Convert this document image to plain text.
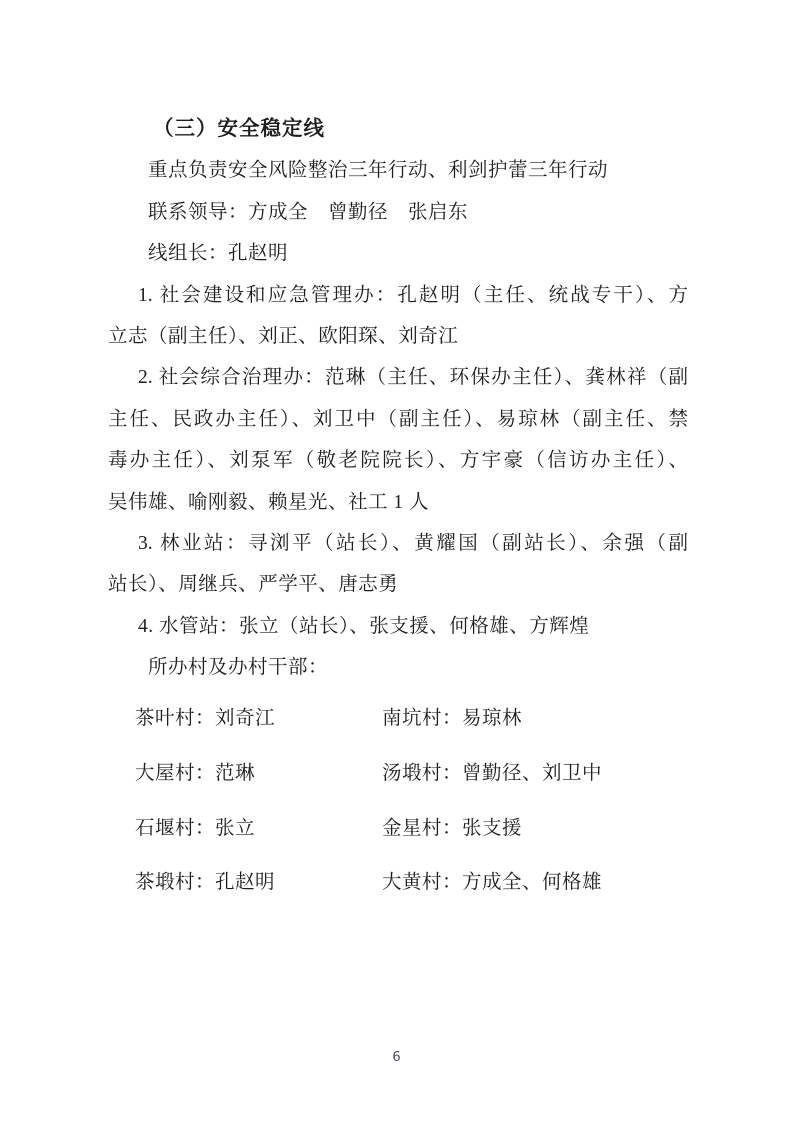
（三）安全稳定线
重点负责安全风险整治三年行动、利剑护蕾三年行动
联系领导：方成全　曾勤径　张启东
线组长：孔赵明
1. 社会建设和应急管理办：孔赵明（主任、统战专干）、方
立志（副主任）、刘正、欧阳琛、刘奇江
2. 社会综合治理办：范琳（主任、环保办主任）、龚林祥（副
主任、民政办主任）、刘卫中（副主任）、易琼林（副主任、禁
毒办主任）、刘泵军（敬老院院长）、方宇豪（信访办主任）、
吴伟雄、喻刚毅、赖星光、社工 1 人
3. 林业站：寻浏平（站长）、黄耀国（副站长）、余强（副
站长）、周继兵、严学平、唐志勇
4. 水管站：张立（站长）、张支援、何格雄、方辉煌
所办村及办村干部：
茶叶村：刘奇江	南坑村：易琼林
大屋村：范琳	汤塅村：曾勤径、刘卫中
石堰村：张立	金星村：张支援
茶塅村：孔赵明	大黄村：方成全、何格雄
6
